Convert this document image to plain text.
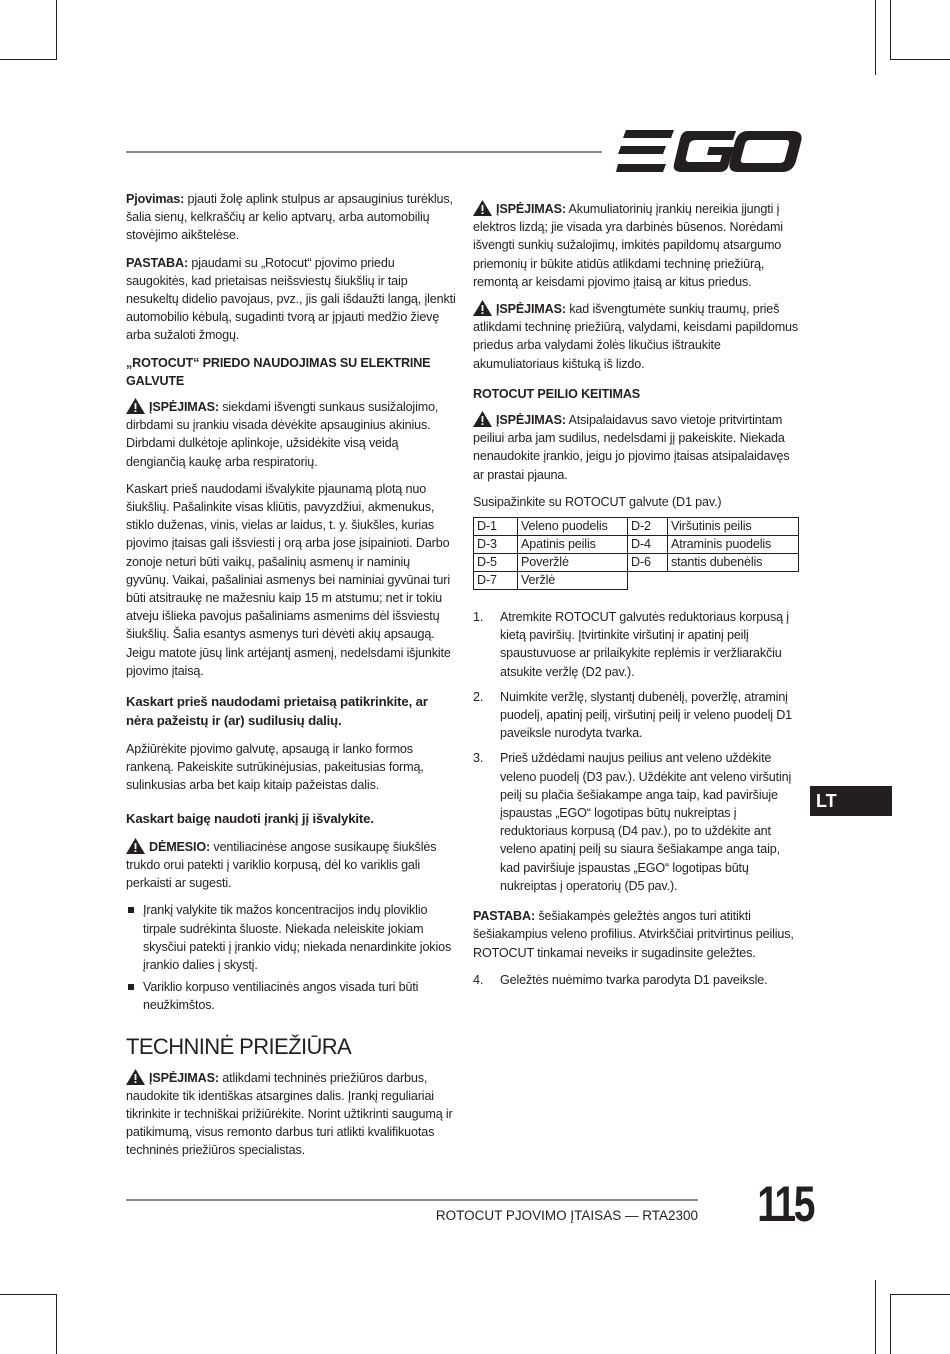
Pjovimas: pjauti žolę aplink stulpus ar apsauginius turėklus, šalia sienų, kelkraščių ar kelio aptvarų, arba automobilių stovėjimo aikštelėse.

PASTABA: pjaudami su „Rotocut“ pjovimo priedu saugokitės, kad prietaisas neišsviestų šiukšlių ir taip nesukeltų didelio pavojaus, pvz., jis gali išdaužti langą, įlenkti automobilio kėbulą, sugadinti tvorą ar įpjauti medžio žievę arba sužaloti žmogų.

„ROTOCUT“ PRIEDO NAUDOJIMAS SU ELEKTRINE GALVUTE

ĮSPĖJIMAS: siekdami išvengti sunkaus susižalojimo, dirbdami su įrankiu visada dėvėkite apsauginius akinius. Dirbdami dulkėtoje aplinkoje, užsidėkite visą veidą dengiančią kaukę arba respiratorių.

Kaskart prieš naudodami išvalykite pjaunamą plotą nuo šiukšlių. Pašalinkite visas kliūtis, pavyzdžiui, akmenukus, stiklo duženas, vinis, vielas ar laidus, t. y. šiukšles, kurias pjovimo įtaisas gali išsviesti į orą arba jose įsipainioti. Darbo zonoje neturi būti vaikų, pašalinių asmenų ir naminių gyvūnų. Vaikai, pašaliniai asmenys bei naminiai gyvūnai turi būti atsitraukę ne mažesniu kaip 15 m atstumu; net ir tokiu atveju išlieka pavojus pašaliniams asmenims dėl išsviestų šiukšlių. Šalia esantys asmenys turi dėvėti akių apsaugą. Jeigu matote jūsų link artėjantį asmenį, nedelsdami išjunkite pjovimo įtaisą.

Kaskart prieš naudodami prietaisą patikrinkite, ar nėra pažeistų ir (ar) sudilusių dalių.

Apžiūrėkite pjovimo galvutę, apsaugą ir lanko formos rankeną. Pakeiskite sutrūkinėjusias, pakeitusias formą, sulinkusias arba bet kaip kitaip pažeistas dalis.

Kaskart baigę naudoti įrankį jį išvalykite.

DĖMESIO: ventiliacinėse angose susikaupę šiukšlės trukdo orui patekti į variklio korpusą, dėl ko variklis gali perkaisti ar sugesti.

Įrankį valykite tik mažos koncentracijos indų ploviklio tirpale sudrėkinta šluoste. Niekada neleiskite jokiam skysčiui patekti į įrankio vidų; niekada nenardinkite jokios įrankio dalies į skystį.
Variklio korpuso ventiliacinės angos visada turi būti neužkimštos.
TECHNINĖ PRIEŽIŪRA

ĮSPĖJIMAS: atlikdami techninės priežiūros darbus, naudokite tik identiškas atsargines dalis. Įrankį reguliariai tikrinkite ir techniškai prižiūrėkite. Norint užtikrinti saugumą ir patikimumą, visus remonto darbus turi atlikti kvalifikuotas techninės priežiūros specialistas.

ĮSPĖJIMAS: Akumuliatorinių įrankių nereikia įjungti į elektros lizdą; jie visada yra darbinės būsenos. Norėdami išvengti sunkių sužalojimų, imkitės papildomų atsargumo priemonių ir būkite atidūs atlikdami techninę priežiūrą, remontą ar keisdami pjovimo įtaisą ar kitus priedus.

ĮSPĖJIMAS: kad išvengtumėte sunkių traumų, prieš atlikdami techninę priežiūrą, valydami, keisdami papildomus priedus arba valydami žolės likučius ištraukite akumuliatoriaus kištuką iš lizdo.

ROTOCUT PEILIO KEITIMAS

ĮSPĖJIMAS: Atsipalaidavus savo vietoje pritvirtintam peiliui arba jam sudilus, nedelsdami jį pakeiskite. Niekada nenaudokite įrankio, jeigu jo pjovimo įtaisas atsipalaidavęs ar prastai pjauna.

Susipažinkite su ROTOCUT galvute (D1 pav.)

D-1	Veleno puodelis	D-2	Viršutinis peilis
D-3	Apatinis peilis	D-4	Atraminis puodelis
D-5	Poveržlė	D-6	stantis dubenėlis
D-7	Veržlė		
1. Atremkite ROTOCUT galvutės reduktoriaus korpusą į kietą paviršių. Įtvirtinkite viršutinį ir apatinį peilį spaustuvuose ar prilaikykite replėmis ir veržliarakčiu atsukite veržlę (D2 pav.).
2. Nuimkite veržlę, slystantį dubenėlį, poveržlę, atraminį puodelį, apatinį peilį, viršutinį peilį ir veleno puodelį D1 paveiksle nurodyta tvarka.
3. Prieš uždėdami naujus peilius ant veleno uždėkite veleno puodelį (D3 pav.). Uždėkite ant veleno viršutinį peilį su plačia šešiakampe anga taip, kad paviršiuje įspaustas „EGO“ logotipas būtų nukreiptas į reduktoriaus korpusą (D4 pav.), po to uždėkite ant veleno apatinį peilį su siaura šešiakampe anga taip, kad paviršiuje įspaustas „EGO“ logotipas būtų nukreiptas į operatorių (D5 pav.).

PASTABA: šešiakampės geležtės angos turi atitikti šešiakampius veleno profilius. Atvirkščiai pritvirtinus peilius, ROTOCUT tinkamai neveiks ir sugadinsite geležtes.

4. Geležtės nuėmimo tvarka parodyta D1 paveiksle.
LT
ROTOCUT PJOVIMO ĮTAISAS — RTA2300 115
